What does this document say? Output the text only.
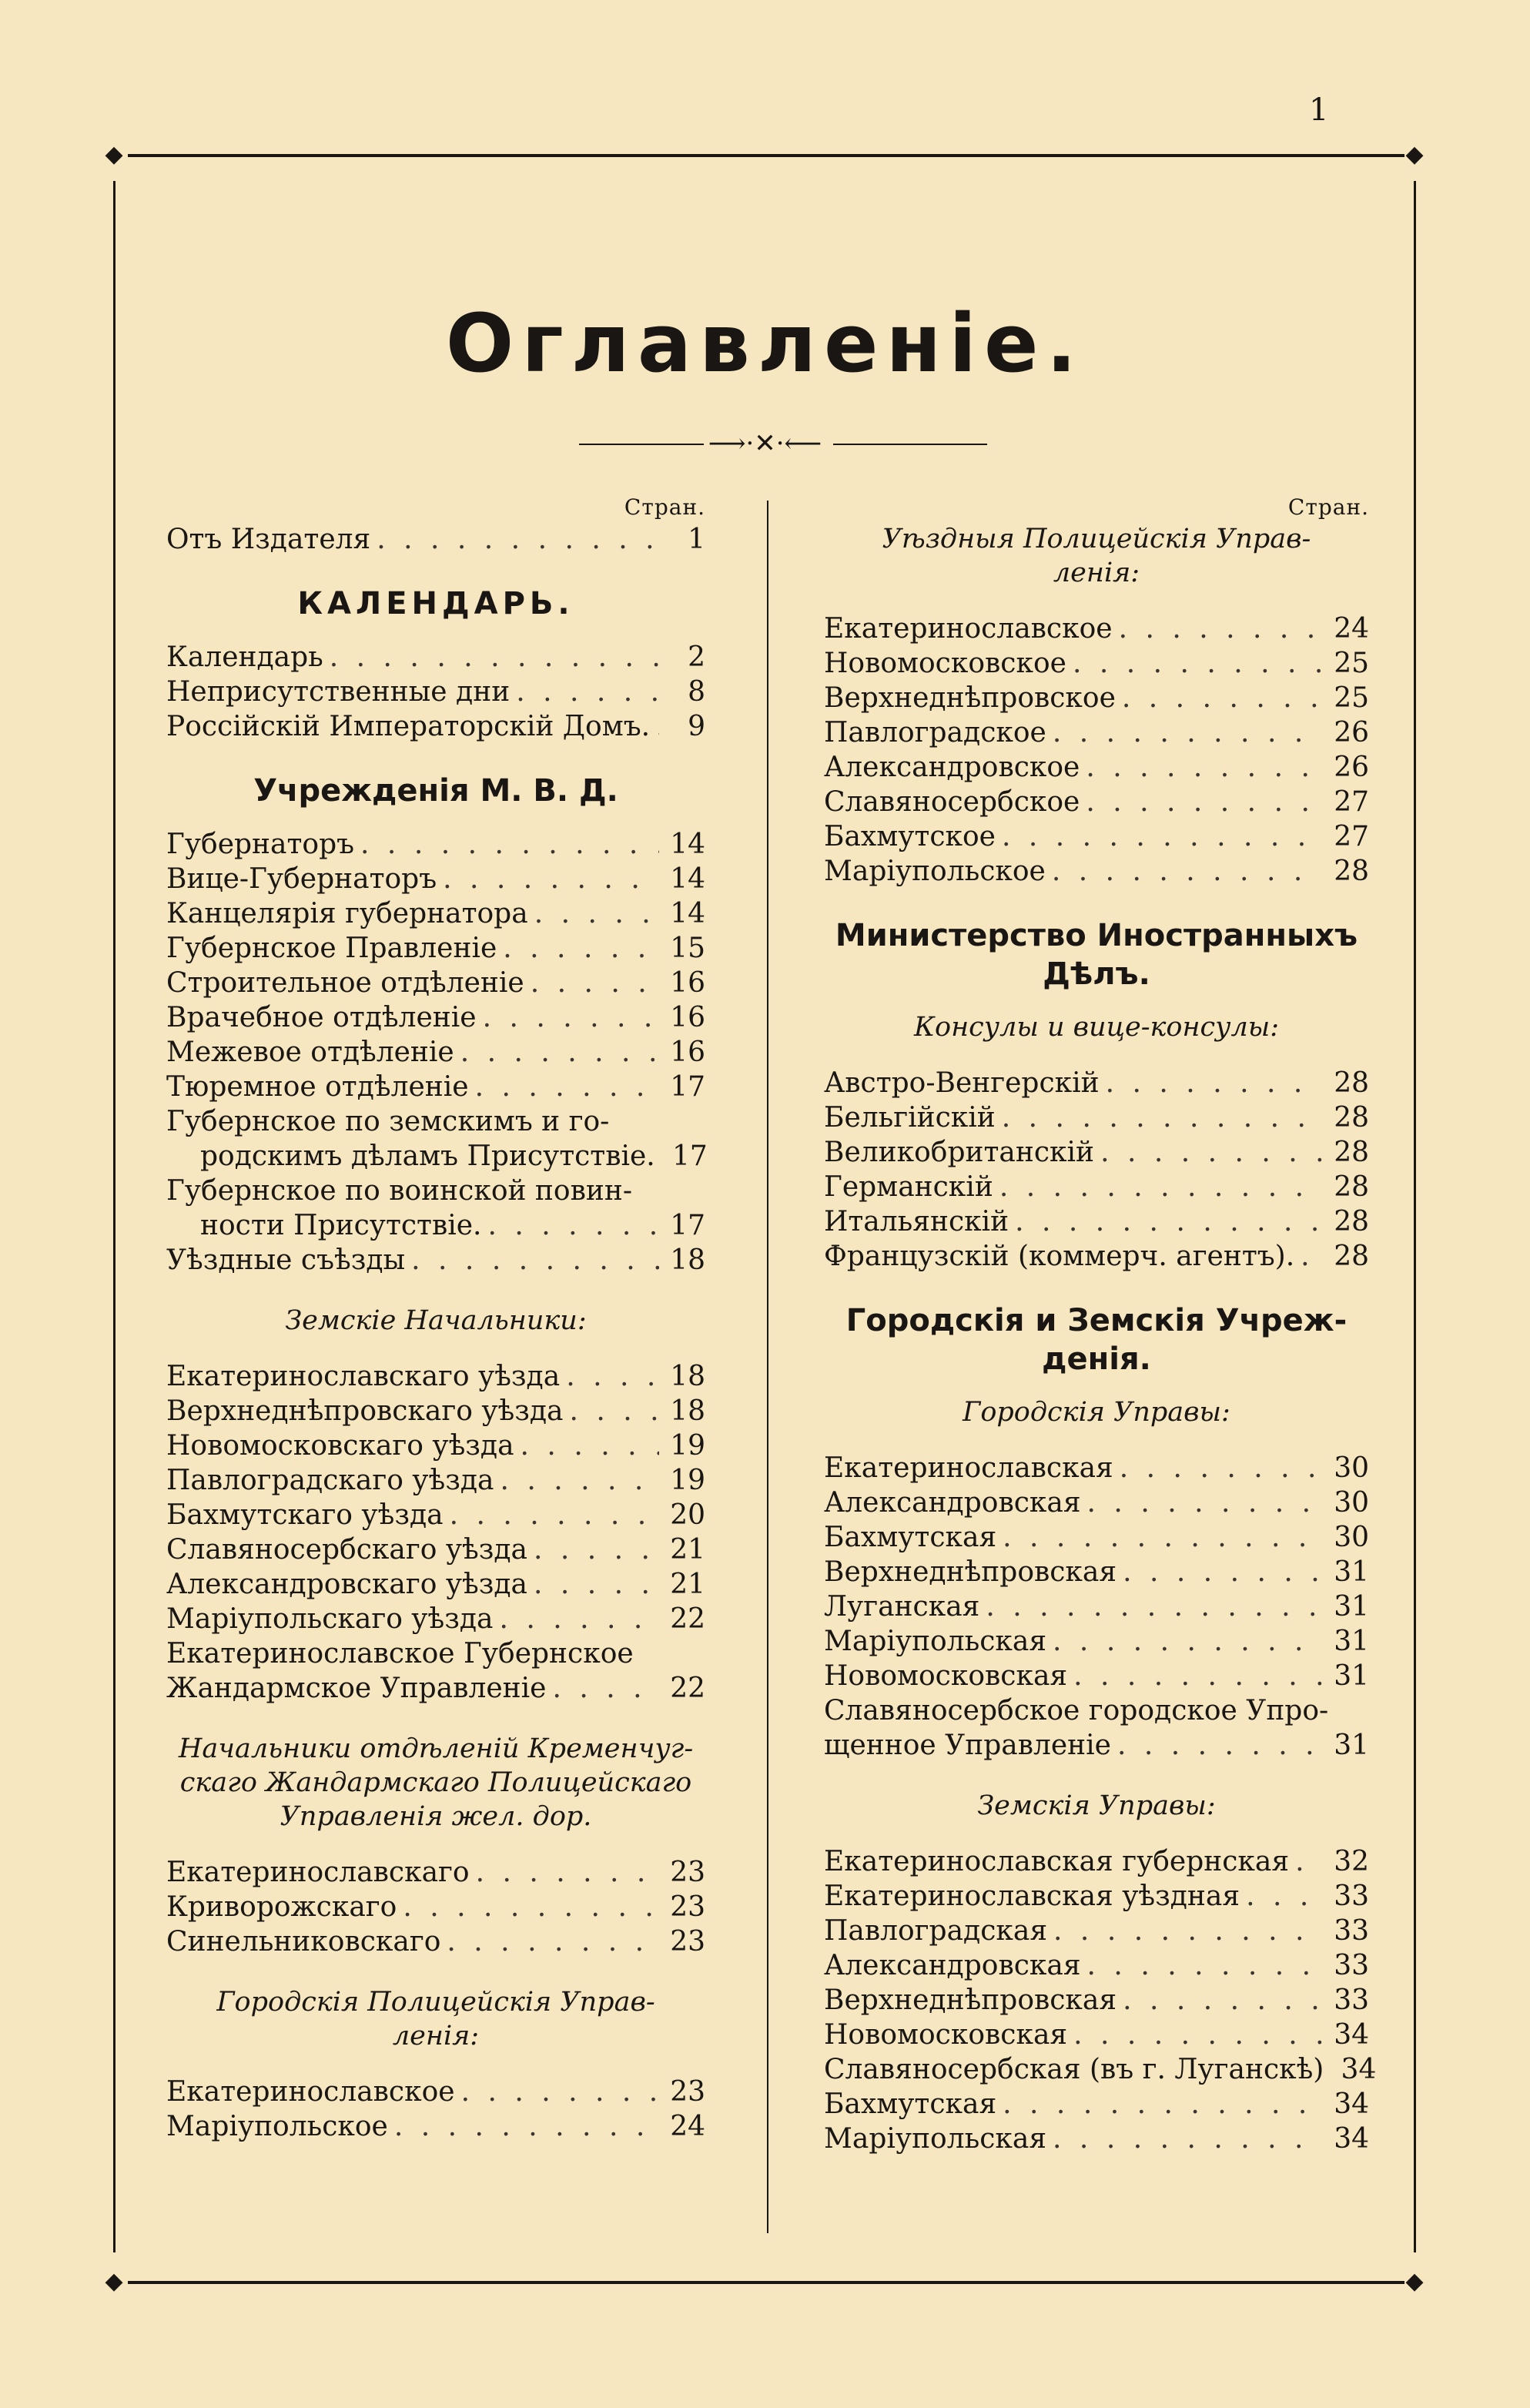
1
◆	◆
◆	◆
Оглавленіе.
⟶·✕·⟵
Стран.
Отъ Издателя . . .	1
КАЛЕНДАРЬ.
Календарь . . .	2
Неприсутственные дни . . .	8
Россійскій Императорскій Домъ. . . .	9
Учрежденія М. В. Д.
Губернаторъ . . .	14
Вице-Губернаторъ . . .	14
Канцелярія губернатора . . .	14
Губернское Правленіе . . .	15
Строительное отдѣленіе . . .	16
Врачебное отдѣленіе . . .	16
Межевое отдѣленіе . . .	16
Тюремное отдѣленіе . . .	17
Губернское по земскимъ и го-
родскимъ дѣламъ Присутствіе. . . . 17
Губернское по воинской повин-
ности Присутствіе. . . .	17
Уѣздные съѣзды . . .	18
Земскіе Начальники:
Екатеринославскаго уѣзда . . .	18
Верхнеднѣпровскаго уѣзда . . .	18
Новомосковскаго уѣзда . . .	19
Павлоградскаго уѣзда . . .	19
Бахмутскаго уѣзда . . .	20
Славяносербскаго уѣзда . . .	21
Александровскаго уѣзда . . .	21
Маріупольскаго уѣзда . . .	22
Екатеринославское Губернское
Жандармское Управленіе . . .	22
Начальники отдѣленій Кременчуг-
скаго Жандармскаго Полицейскаго
Управленія жел. дор.
Екатеринославскаго . . .	23
Криворожскаго . . .	23
Синельниковскаго . . .	23
Городскія Полицейскія Управ-
ленія:
Екатеринославское . . .	23
Маріупольское . . .	24
Стран.
Уѣздныя Полицейскія Управ-
ленія:
Екатеринославское . . .	24
Новомосковское . . .	25
Верхнеднѣпровское . . .	25
Павлоградское . . .	26
Александровское . . .	26
Славяносербское . . .	27
Бахмутское . . .	27
Маріупольское . . .	28
Министерство Иностранныхъ
Дѣлъ.
Консулы и вице-консулы:
Австро-Венгерскій . . .	28
Бельгійскій . . .	28
Великобританскій . . .	28
Германскій . . .	28
Итальянскій . . .	28
Французскій (коммерч. агентъ). . . .	28
Городскія и Земскія Учреж-
денія.
Городскія Управы:
Екатеринославская . . .	30
Александровская . . .	30
Бахмутская . . .	30
Верхнеднѣпровская . . .	31
Луганская . . .	31
Маріупольская . . .	31
Новомосковская . . .	31
Славяносербское городское Упро-
щенное Управленіе . . .	31
Земскія Управы:
Екатеринославская губернская . . .	32
Екатеринославская уѣздная . . .	33
Павлоградская . . .	33
Александровская . . .	33
Верхнеднѣпровская . . .	33
Новомосковская . . .	34
Славяносербская (въ г. Луганскѣ) . . . 34
Бахмутская . . .	34
Маріупольская . . .	34
